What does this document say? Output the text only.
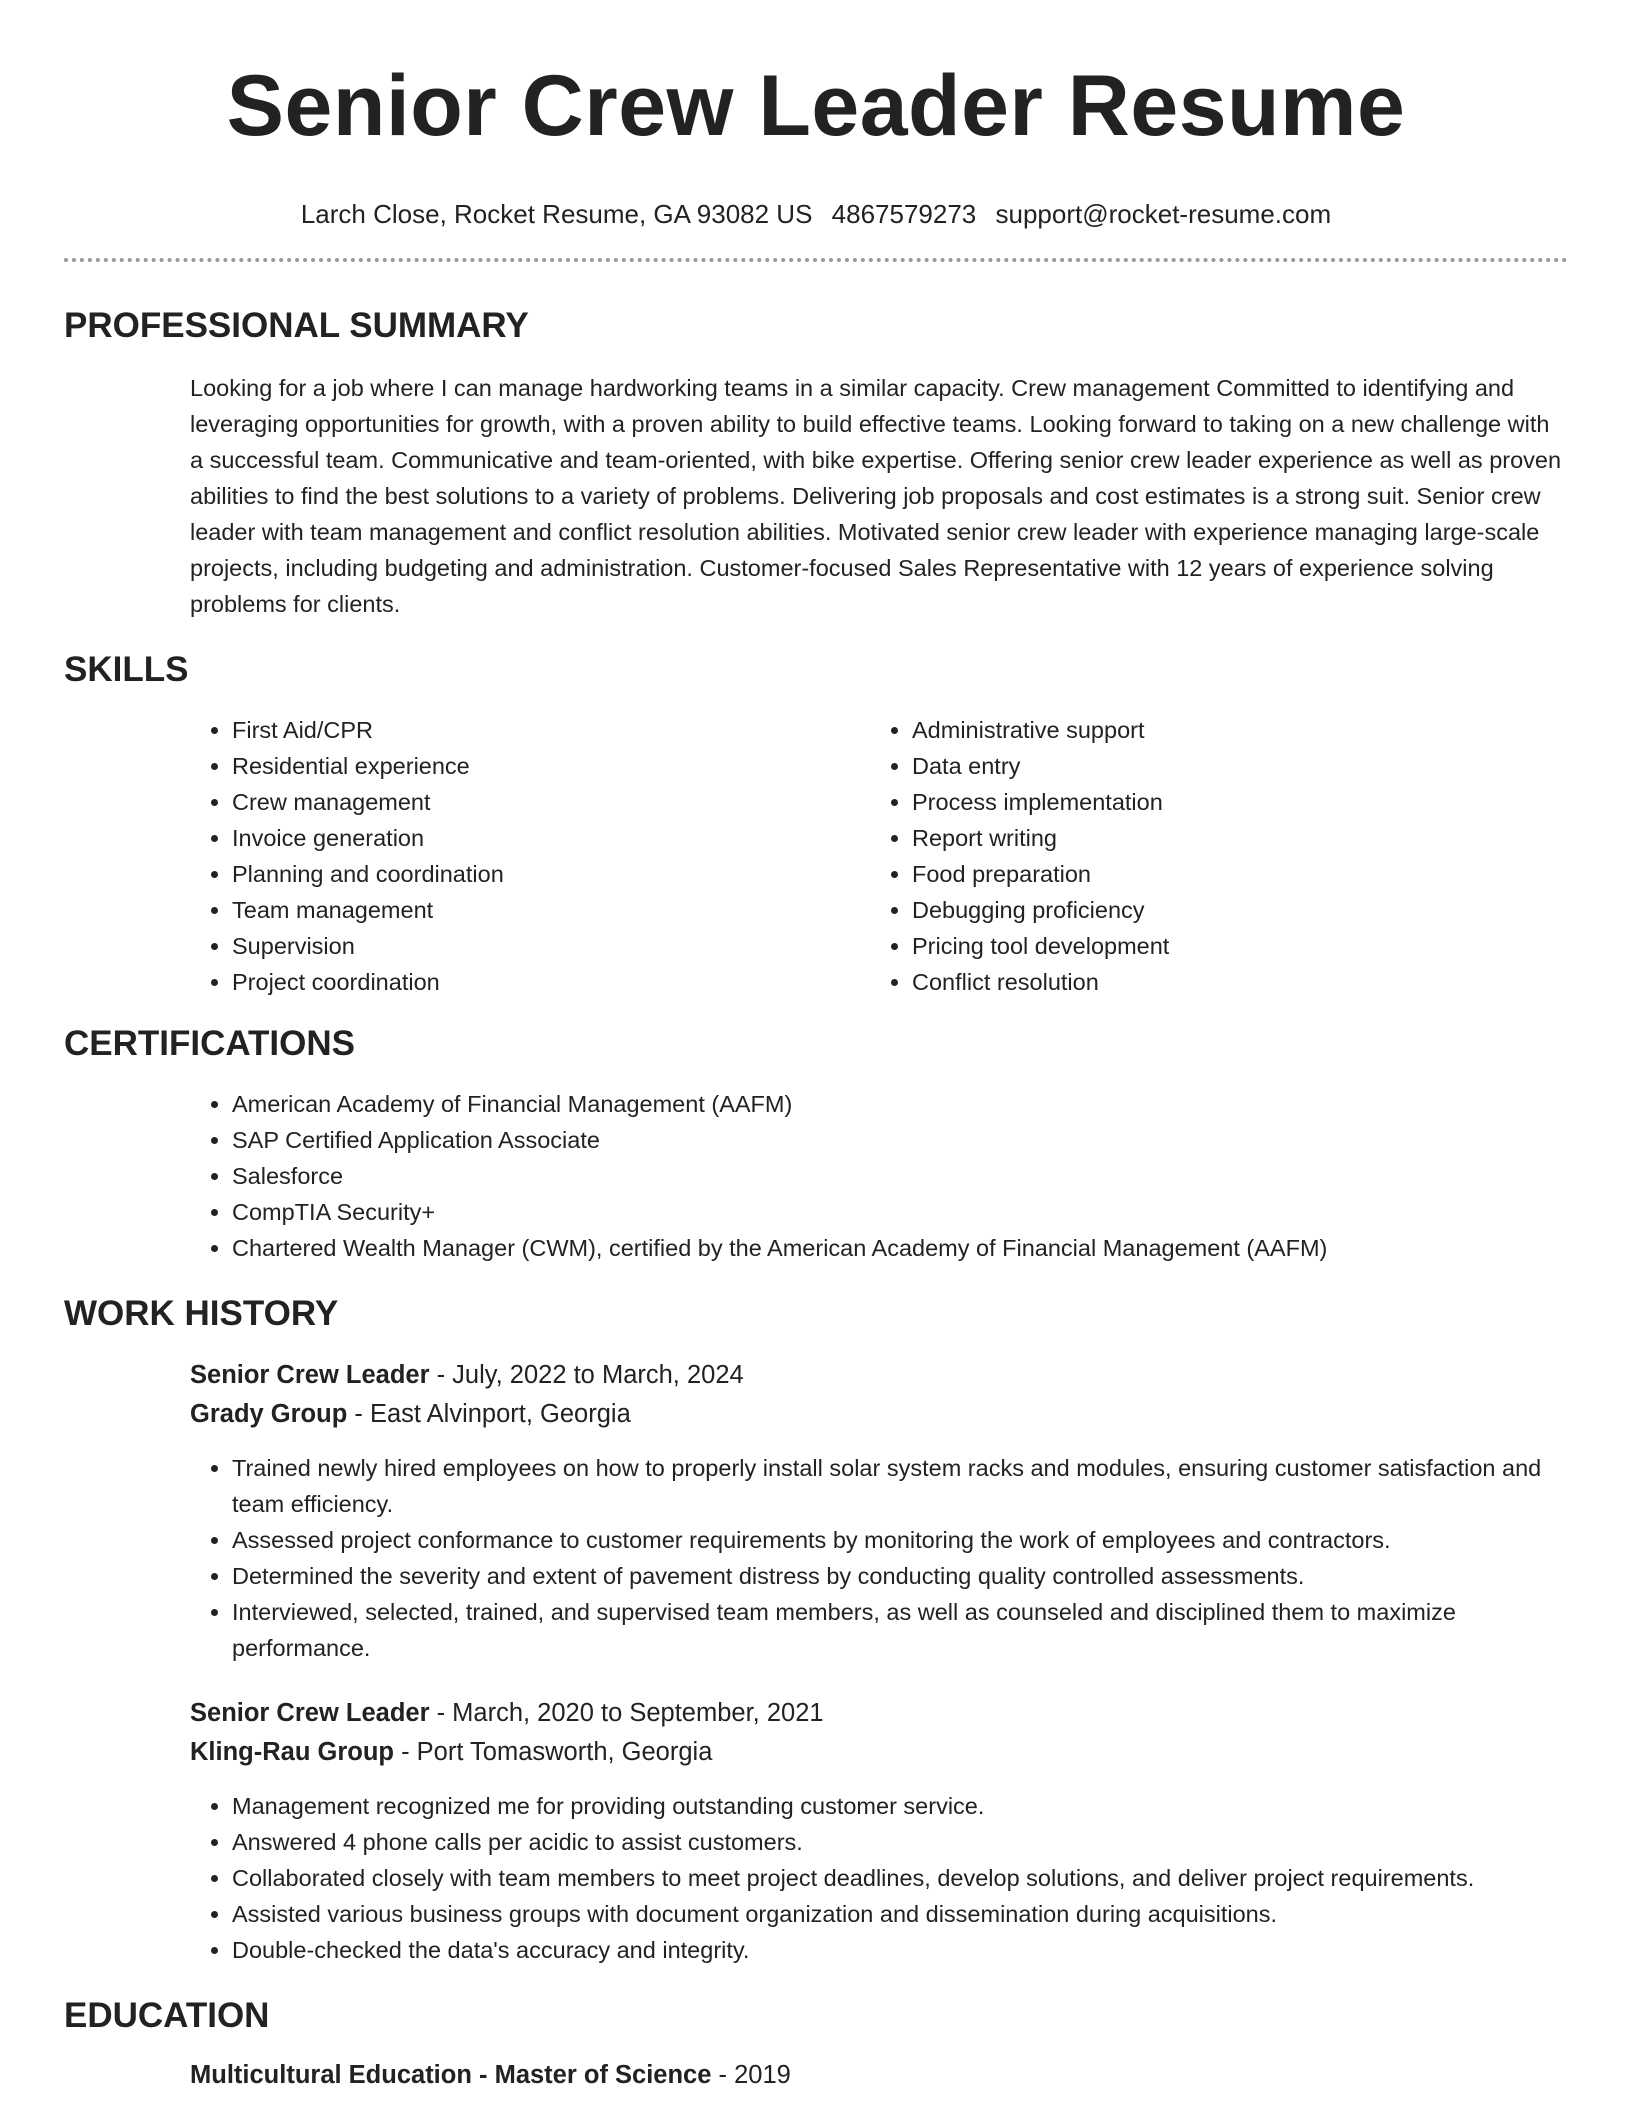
Senior Crew Leader Resume
Larch Close, Rocket Resume, GA 93082 US 4867579273 support@rocket-resume.com
PROFESSIONAL SUMMARY

Looking for a job where I can manage hardworking teams in a similar capacity. Crew management Committed to identifying and leveraging opportunities for growth, with a proven ability to build effective teams. Looking forward to taking on a new challenge with a successful team. Communicative and team-oriented, with bike expertise. Offering senior crew leader experience as well as proven abilities to find the best solutions to a variety of problems. Delivering job proposals and cost estimates is a strong suit. Senior crew leader with team management and conflict resolution abilities. Motivated senior crew leader with experience managing large-scale projects, including budgeting and administration. Customer-focused Sales Representative with 12 years of experience solving problems for clients.

SKILLS
• First Aid/CPR
• Residential experience
• Crew management
• Invoice generation
• Planning and coordination
• Team management
• Supervision
• Project coordination
• Administrative support
• Data entry
• Process implementation
• Report writing
• Food preparation
• Debugging proficiency
• Pricing tool development
• Conflict resolution
CERTIFICATIONS
• American Academy of Financial Management (AAFM)
• SAP Certified Application Associate
• Salesforce
• CompTIA Security+
• Chartered Wealth Manager (CWM), certified by the American Academy of Financial Management (AAFM)
WORK HISTORY
Senior Crew Leader - July, 2022 to March, 2024
Grady Group - East Alvinport, Georgia
• Trained newly hired employees on how to properly install solar system racks and modules, ensuring customer satisfaction and team efficiency.
• Assessed project conformance to customer requirements by monitoring the work of employees and contractors.
• Determined the severity and extent of pavement distress by conducting quality controlled assessments.
• Interviewed, selected, trained, and supervised team members, as well as counseled and disciplined them to maximize performance.
Senior Crew Leader - March, 2020 to September, 2021
Kling-Rau Group - Port Tomasworth, Georgia
• Management recognized me for providing outstanding customer service.
• Answered 4 phone calls per acidic to assist customers.
• Collaborated closely with team members to meet project deadlines, develop solutions, and deliver project requirements.
• Assisted various business groups with document organization and dissemination during acquisitions.
• Double-checked the data's accuracy and integrity.
EDUCATION
Multicultural Education - Master of Science - 2019
